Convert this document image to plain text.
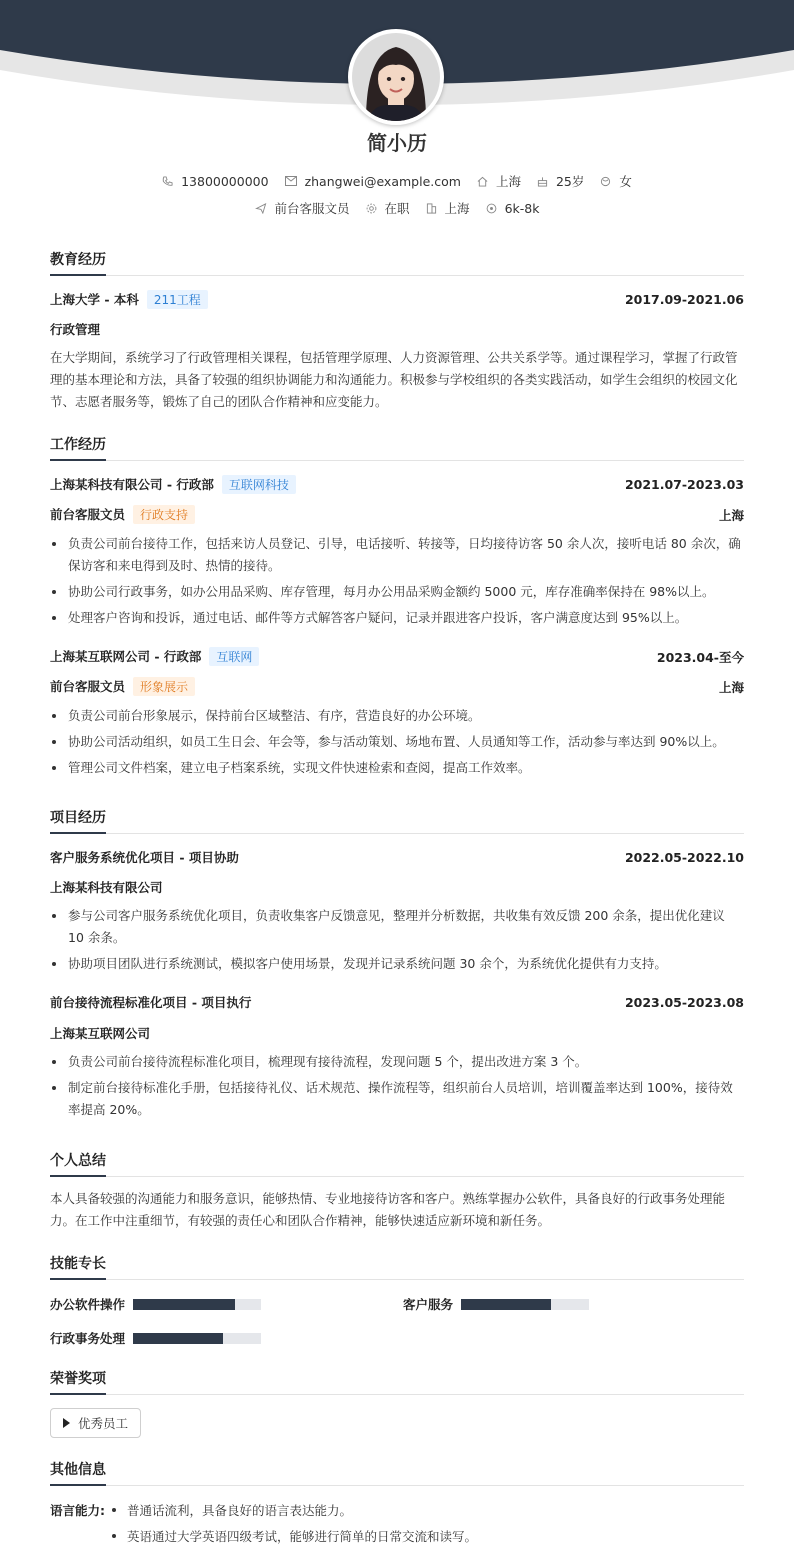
简小历
13800000000	zhangwei@example.com	上海	25岁	女
前台客服文员	在职	上海	6k-8k
教育经历
上海大学 - 本科 211工程	2017.09-2021.06
行政管理
在大学期间，系统学习了行政管理相关课程，包括管理学原理、人力资源管理、公共关系学等。通过课程学习，掌握了行政管理的基本理论和方法，具备了较强的组织协调能力和沟通能力。积极参与学校组织的各类实践活动，如学生会组织的校园文化节、志愿者服务等，锻炼了自己的团队合作精神和应变能力。
工作经历
上海某科技有限公司 - 行政部 互联网科技	2021.07-2023.03
前台客服文员 行政支持	上海
负责公司前台接待工作，包括来访人员登记、引导，电话接听、转接等，日均接待访客 50 余人次，接听电话 80 余次，确保访客和来电得到及时、热情的接待。
协助公司行政事务，如办公用品采购、库存管理，每月办公用品采购金额约 5000 元，库存准确率保持在 98%以上。
处理客户咨询和投诉，通过电话、邮件等方式解答客户疑问，记录并跟进客户投诉，客户满意度达到 95%以上。
上海某互联网公司 - 行政部 互联网	2023.04-至今
前台客服文员 形象展示	上海
负责公司前台形象展示，保持前台区域整洁、有序，营造良好的办公环境。
协助公司活动组织，如员工生日会、年会等，参与活动策划、场地布置、人员通知等工作，活动参与率达到 90%以上。
管理公司文件档案，建立电子档案系统，实现文件快速检索和查阅，提高工作效率。
项目经历
客户服务系统优化项目 - 项目协助	2022.05-2022.10
上海某科技有限公司
参与公司客户服务系统优化项目，负责收集客户反馈意见，整理并分析数据，共收集有效反馈 200 余条，提出优化建议 10 余条。
协助项目团队进行系统测试，模拟客户使用场景，发现并记录系统问题 30 余个，为系统优化提供有力支持。
前台接待流程标准化项目 - 项目执行	2023.05-2023.08
上海某互联网公司
负责公司前台接待流程标准化项目，梳理现有接待流程，发现问题 5 个，提出改进方案 3 个。
制定前台接待标准化手册，包括接待礼仪、话术规范、操作流程等，组织前台人员培训，培训覆盖率达到 100%，接待效率提高 20%。
个人总结
本人具备较强的沟通能力和服务意识，能够热情、专业地接待访客和客户。熟练掌握办公软件，具备良好的行政事务处理能力。在工作中注重细节，有较强的责任心和团队合作精神，能够快速适应新环境和新任务。
技能专长
办公软件操作	客户服务
行政事务处理
荣誉奖项
优秀员工
其他信息
语言能力:	普通话流利，具备良好的语言表达能力。
英语通过大学英语四级考试，能够进行简单的日常交流和读写。
